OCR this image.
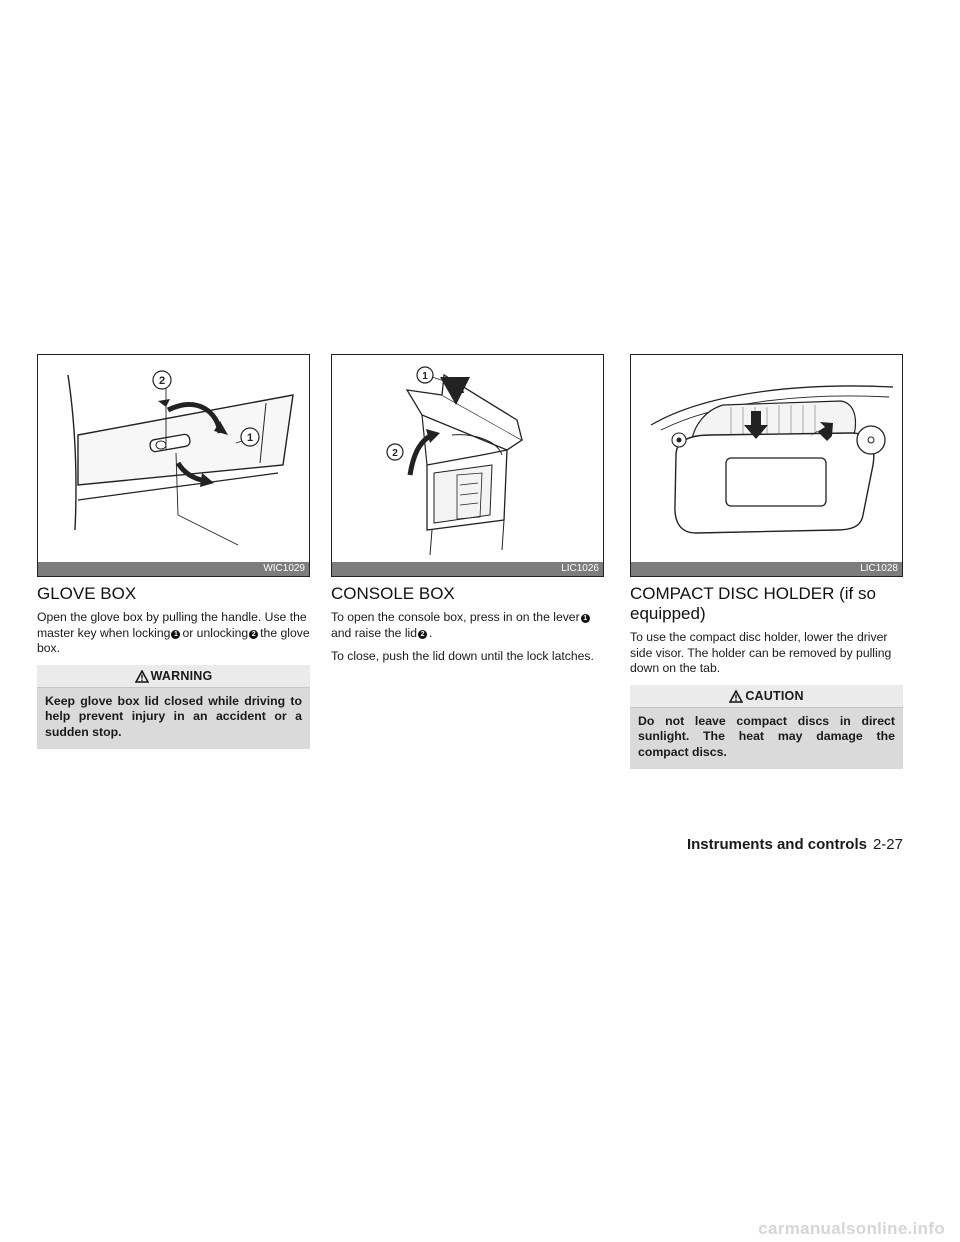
2
1
WIC1029
GLOVE BOX

Open the glove box by pulling the handle. Use the master key when locking 1 or unlocking 2 the glove box.

WARNING
Keep glove box lid closed while driving to help prevent injury in an accident or a sudden stop.
1
2
LIC1026
CONSOLE BOX

To open the console box, press in on the lever 1 and raise the lid 2 .

To close, push the lid down until the lock latches.

LIC1028
COMPACT DISC HOLDER (if so equipped)

To use the compact disc holder, lower the driver side visor. The holder can be removed by pulling down on the tab.

CAUTION
Do not leave compact discs in direct sunlight. The heat may damage the compact discs.
Instruments and controls 2-27
carmanualsonline.info
